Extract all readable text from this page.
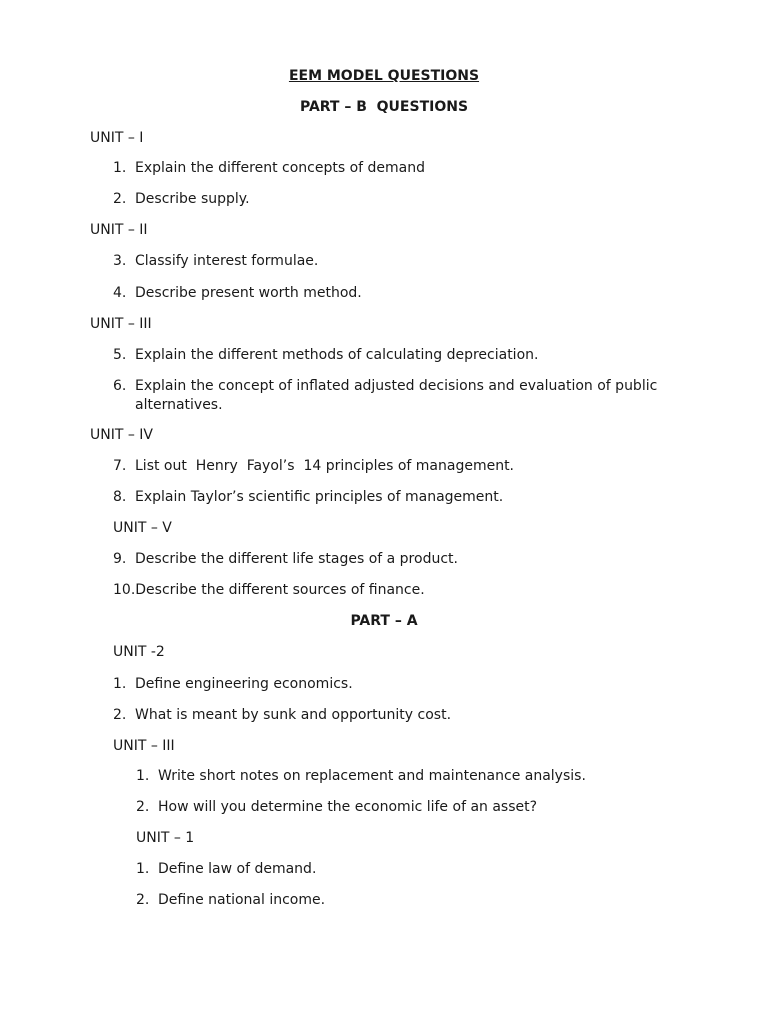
EEM MODEL QUESTIONS
PART – B  QUESTIONS
UNIT – I
1. Explain the different concepts of demand
2. Describe supply.
UNIT – II
3. Classify interest formulae.
4. Describe present worth method.
UNIT – III
5. Explain the different methods of calculating depreciation.
6. Explain the concept of inflated adjusted decisions and evaluation of public
alternatives.
UNIT – IV
7. List out  Henry  Fayol’s  14 principles of management.
8. Explain Taylor’s scientific principles of management.
UNIT – V
9. Describe the different life stages of a product.
10.Describe the different sources of finance.
PART – A
UNIT -2
1. Define engineering economics.
2. What is meant by sunk and opportunity cost.
UNIT – III
1. Write short notes on replacement and maintenance analysis.
2. How will you determine the economic life of an asset?
UNIT – 1
1. Define law of demand.
2. Define national income.
